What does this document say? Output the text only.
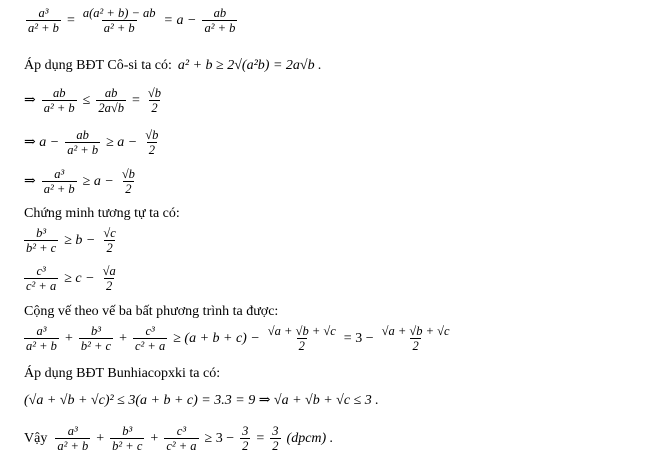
$\frac{\text{a³}}{\text{a² + b}} = \frac{\text{a(a² + b) − ab}}{\text{a² + b}} = a - \frac{ab}{\text{a² + b}}$
Áp dụng BĐT Cô-si ta có: a² + b ≥ 2√(a²b) = 2a√b .
⇒ $\frac{ab}{\text{a² + b}} \le \frac{ab}{2a√b} = \frac{√b}{2}$
⇒ $a - \frac{ab}{\text{a² + b}} \ge a - \frac{√b}{2}$
⇒ $\frac{\text{a³}}{\text{a² + b}} \ge a - \frac{√b}{2}$
Chứng minh tương tự ta có:
$\frac{\text{b³}}{\text{b² + c}} \ge b - \frac{√c}{2}$
$\frac{\text{c³}}{\text{c² + a}} \ge c - \frac{√a}{2}$
Cộng vế theo vế ba bất phương trình ta được:
$\frac{\text{a³}}{\text{a² + b}} + \frac{\text{b³}}{\text{b² + c}} + \frac{\text{c³}}{\text{c² + a}} \ge (a + b + c) - \frac{√a + √b + √c}{2} = 3 - \frac{√a + √b + √c}{2}$
Áp dụng BĐT Bunhiacopxki ta có:
(√a + √b + √c)² ≤ 3(a + b + c) = 3.3 = 9 ⇒ √a + √b + √c ≤ 3 .
Vậy $\frac{\text{a³}}{\text{a² + b}} + \frac{\text{b³}}{\text{b² + c}} + \frac{\text{c³}}{\text{c² + a}} \ge 3 - \frac{3}{2} = \frac{3}{2}$ (dpcm) .
